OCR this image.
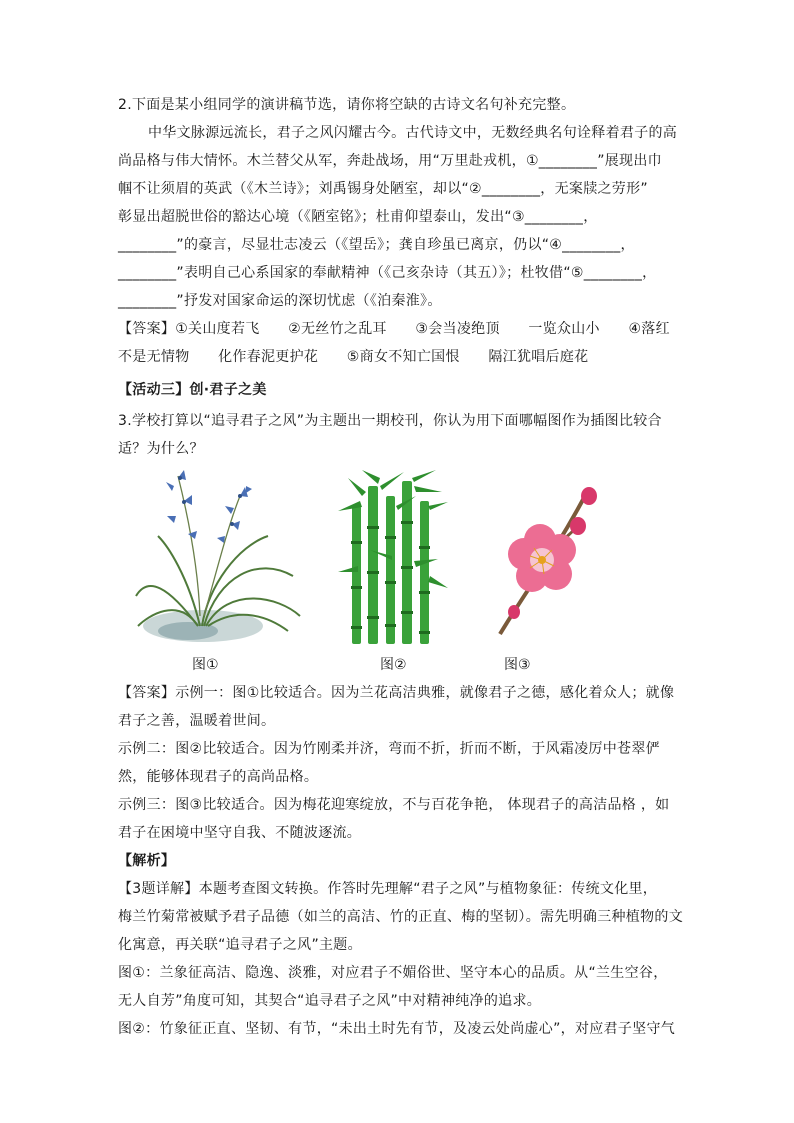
2.下面是某小组同学的演讲稿节选，请你将空缺的古诗文名句补充完整。
中华文脉源远流长，君子之风闪耀古今。古代诗文中，无数经典名句诠释着君子的高
尚品格与伟大情怀。木兰替父从军，奔赴战场，用“万里赴戎机，①________”展现出巾
帼不让须眉的英武（《木兰诗》；刘禹锡身处陋室，却以“②________，无案牍之劳形”
彰显出超脱世俗的豁达心境（《陋室铭》；杜甫仰望泰山，发出“③________，
________”的豪言，尽显壮志凌云（《望岳》；龚自珍虽已离京，仍以“④________，
________”表明自己心系国家的奉献精神（《己亥杂诗（其五）》；杜牧借“⑤________，
________”抒发对国家命运的深切忧虑（《泊秦淮》。
【答案】①关山度若飞　　②无丝竹之乱耳　　③会当凌绝顶　　一览众山小　　④落红
不是无情物　　化作春泥更护花　　⑤商女不知亡国恨　　隔江犹唱后庭花
【活动三】创·君子之美
3.学校打算以“追寻君子之风”为主题出一期校刊，你认为用下面哪幅图作为插图比较合
适？为什么？
图①	图②	图③
【答案】示例一：图①比较适合。因为兰花高洁典雅，就像君子之德，感化着众人；就像
君子之善，温暖着世间。
示例二：图②比较适合。因为竹刚柔并济，弯而不折，折而不断，于风霜凌厉中苍翠俨
然，能够体现君子的高尚品格。
示例三：图③比较适合。因为梅花迎寒绽放，不与百花争艳， 体现君子的高洁品格 ，如
君子在困境中坚守自我、不随波逐流。
【解析】
【3题详解】本题考查图文转换。作答时先理解“君子之风”与植物象征：传统文化里，
梅兰竹菊常被赋予君子品德（如兰的高洁、竹的正直、梅的坚韧）。需先明确三种植物的文
化寓意，再关联“追寻君子之风”主题。
图①：兰象征高洁、隐逸、淡雅，对应君子不媚俗世、坚守本心的品质。从“兰生空谷，
无人自芳”角度可知，其契合“追寻君子之风”中对精神纯净的追求。
图②：竹象征正直、坚韧、有节，“未出土时先有节，及凌云处尚虚心”，对应君子坚守气
